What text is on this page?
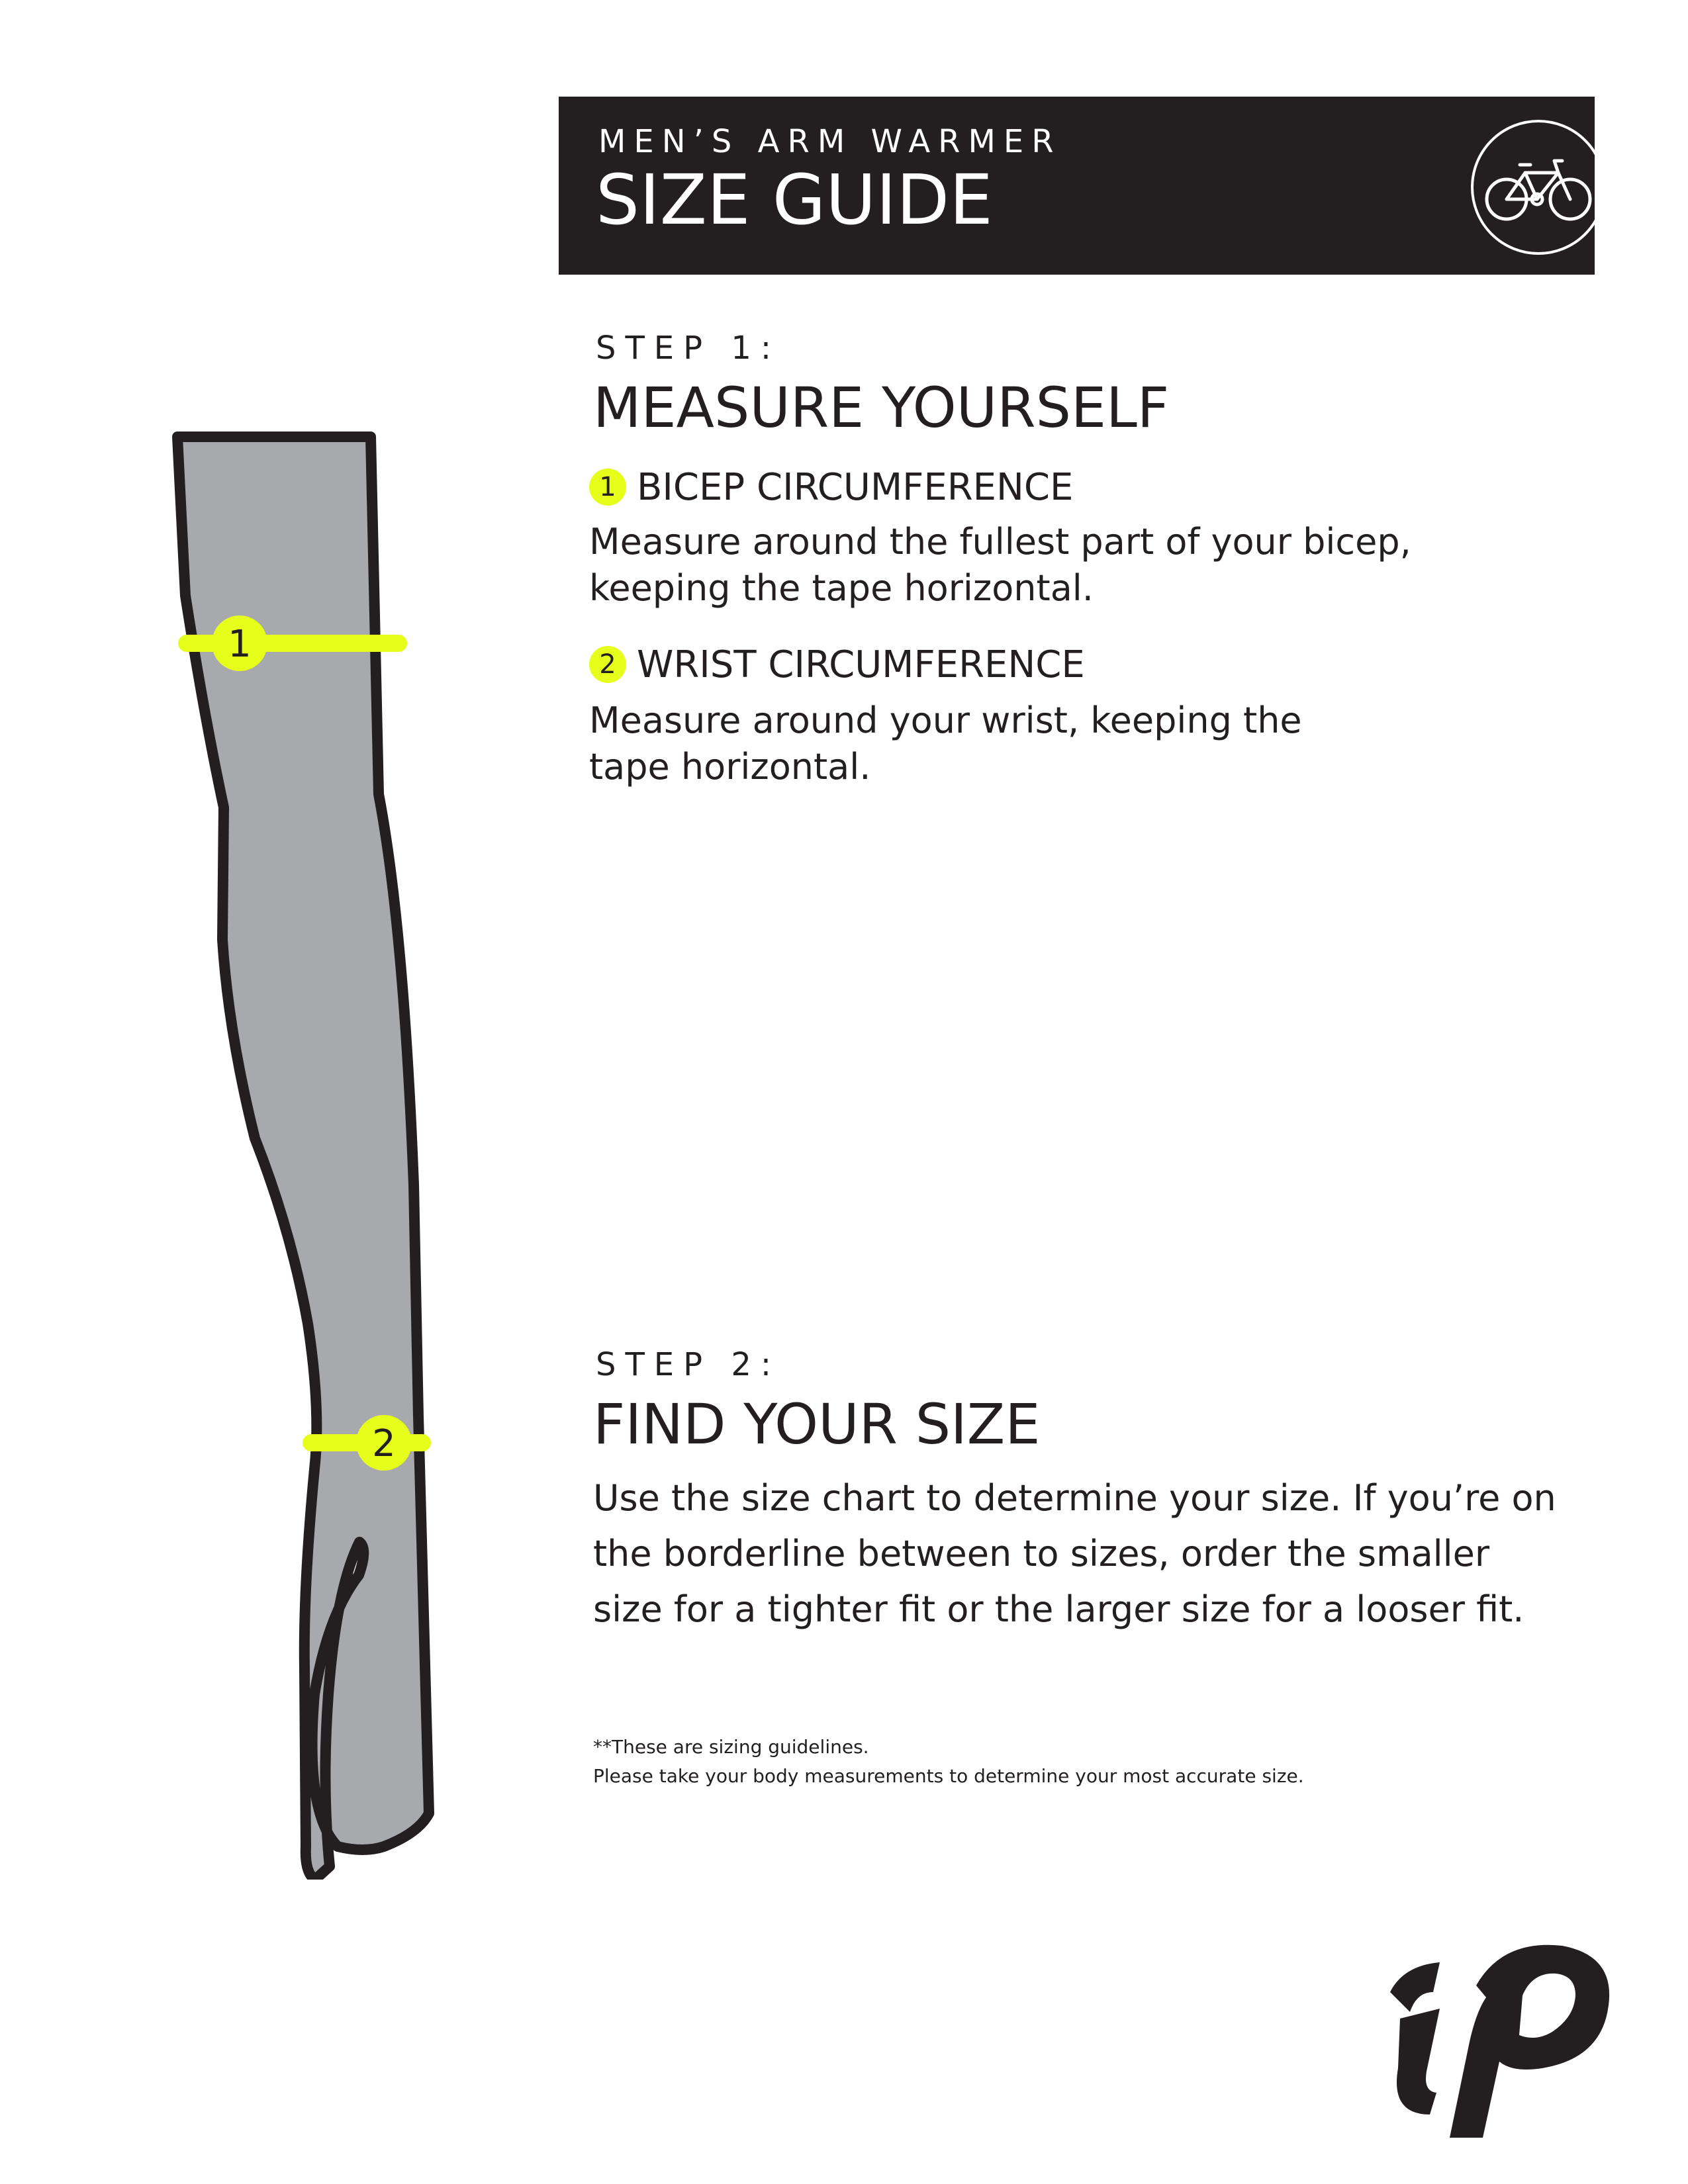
MEN’S ARM WARMER
SIZE GUIDE
1
2
STEP 1:
MEASURE YOURSELF
1 BICEP CIRCUMFERENCE
Measure around the fullest part of your bicep, keeping the tape horizontal.
2 WRIST CIRCUMFERENCE
Measure around your wrist, keeping the tape horizontal.
STEP 2:
FIND YOUR SIZE
Use the size chart to determine your size. If you’re on the borderline between to sizes, order the smaller size for a tighter fit or the larger size for a looser fit.
**These are sizing guidelines.
Please take your body measurements to determine your most accurate size.
